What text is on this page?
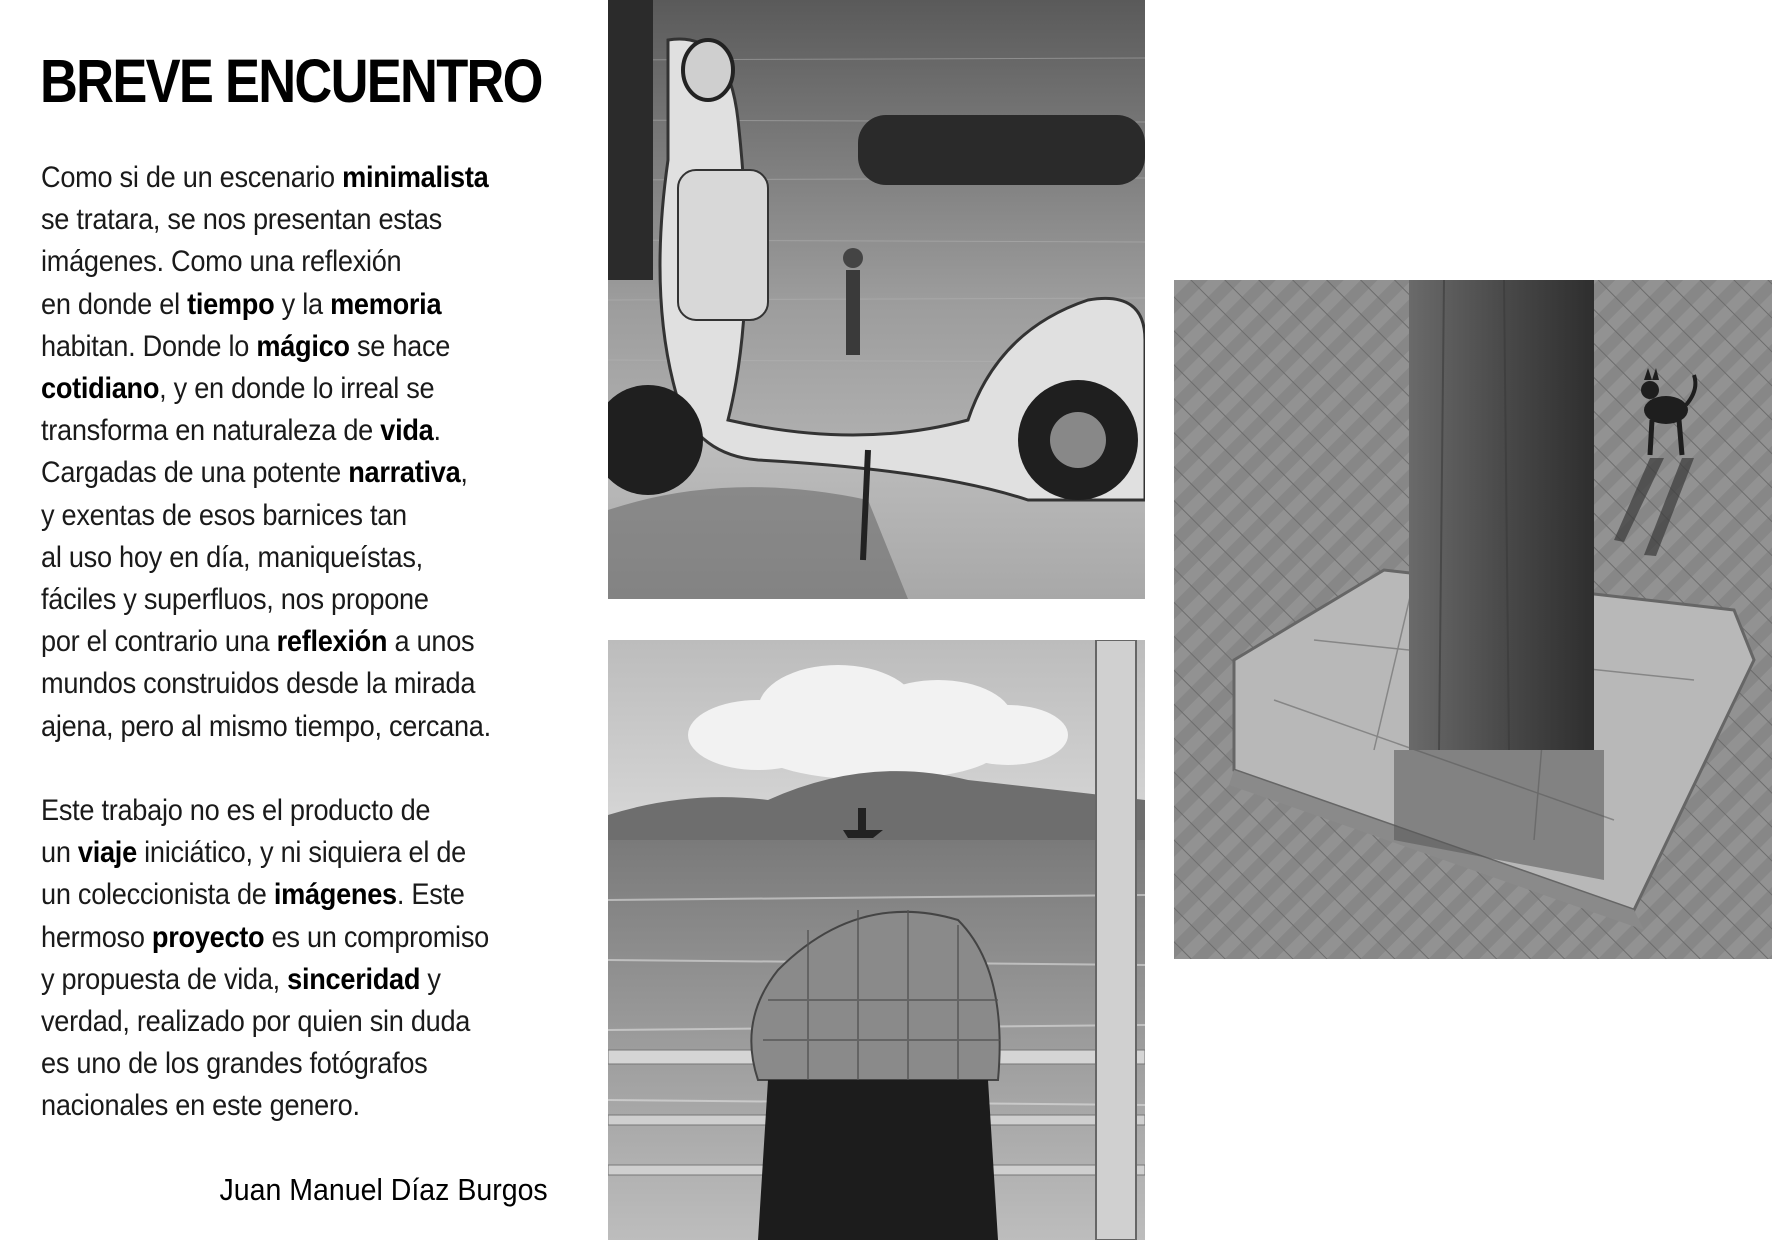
BREVE ENCUENTRO
Como si de un escenario minimalista
se tratara, se nos presentan estas
imágenes. Como una reflexión
en donde el tiempo y la memoria
habitan. Donde lo mágico se hace
cotidiano, y en donde lo irreal se
transforma en naturaleza de vida.
Cargadas de una potente narrativa,
y exentas de esos barnices tan
al uso hoy en día, maniqueístas,
fáciles y superfluos, nos propone
por el contrario una reflexión a unos
mundos construidos desde la mirada
ajena, pero al mismo tiempo, cercana.
Este trabajo no es el producto de
un viaje iniciático, y ni siquiera el de
un coleccionista de imágenes. Este
hermoso proyecto es un compromiso
y propuesta de vida, sinceridad y
verdad, realizado por quien sin duda
es uno de los grandes fotógrafos
nacionales en este genero.

Juan Manuel Díaz Burgos
